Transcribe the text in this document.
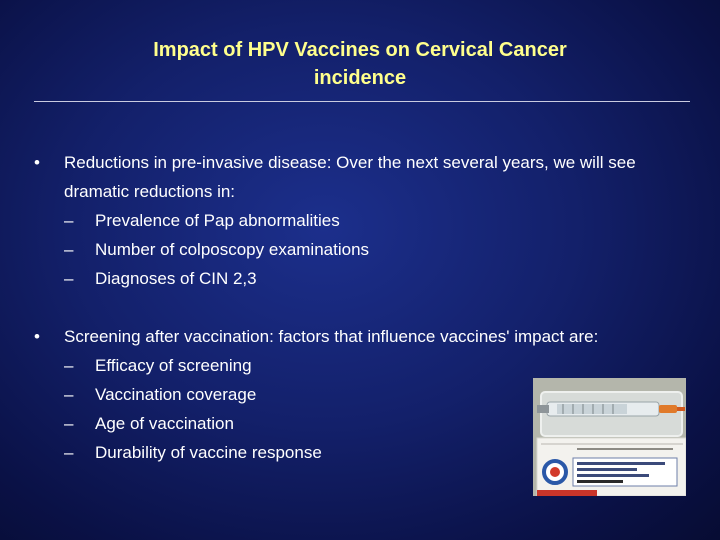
Impact of HPV Vaccines on Cervical Cancer
incidence
•	Reductions in pre-invasive disease: Over the next several years, we will see dramatic reductions in:
– Prevalence of Pap abnormalities
– Number of colposcopy examinations
– Diagnoses of CIN 2,3
•	Screening after vaccination: factors that influence vaccines' impact are:
– Efficacy of screening
– Vaccination coverage
– Age of vaccination
– Durability of vaccine response
